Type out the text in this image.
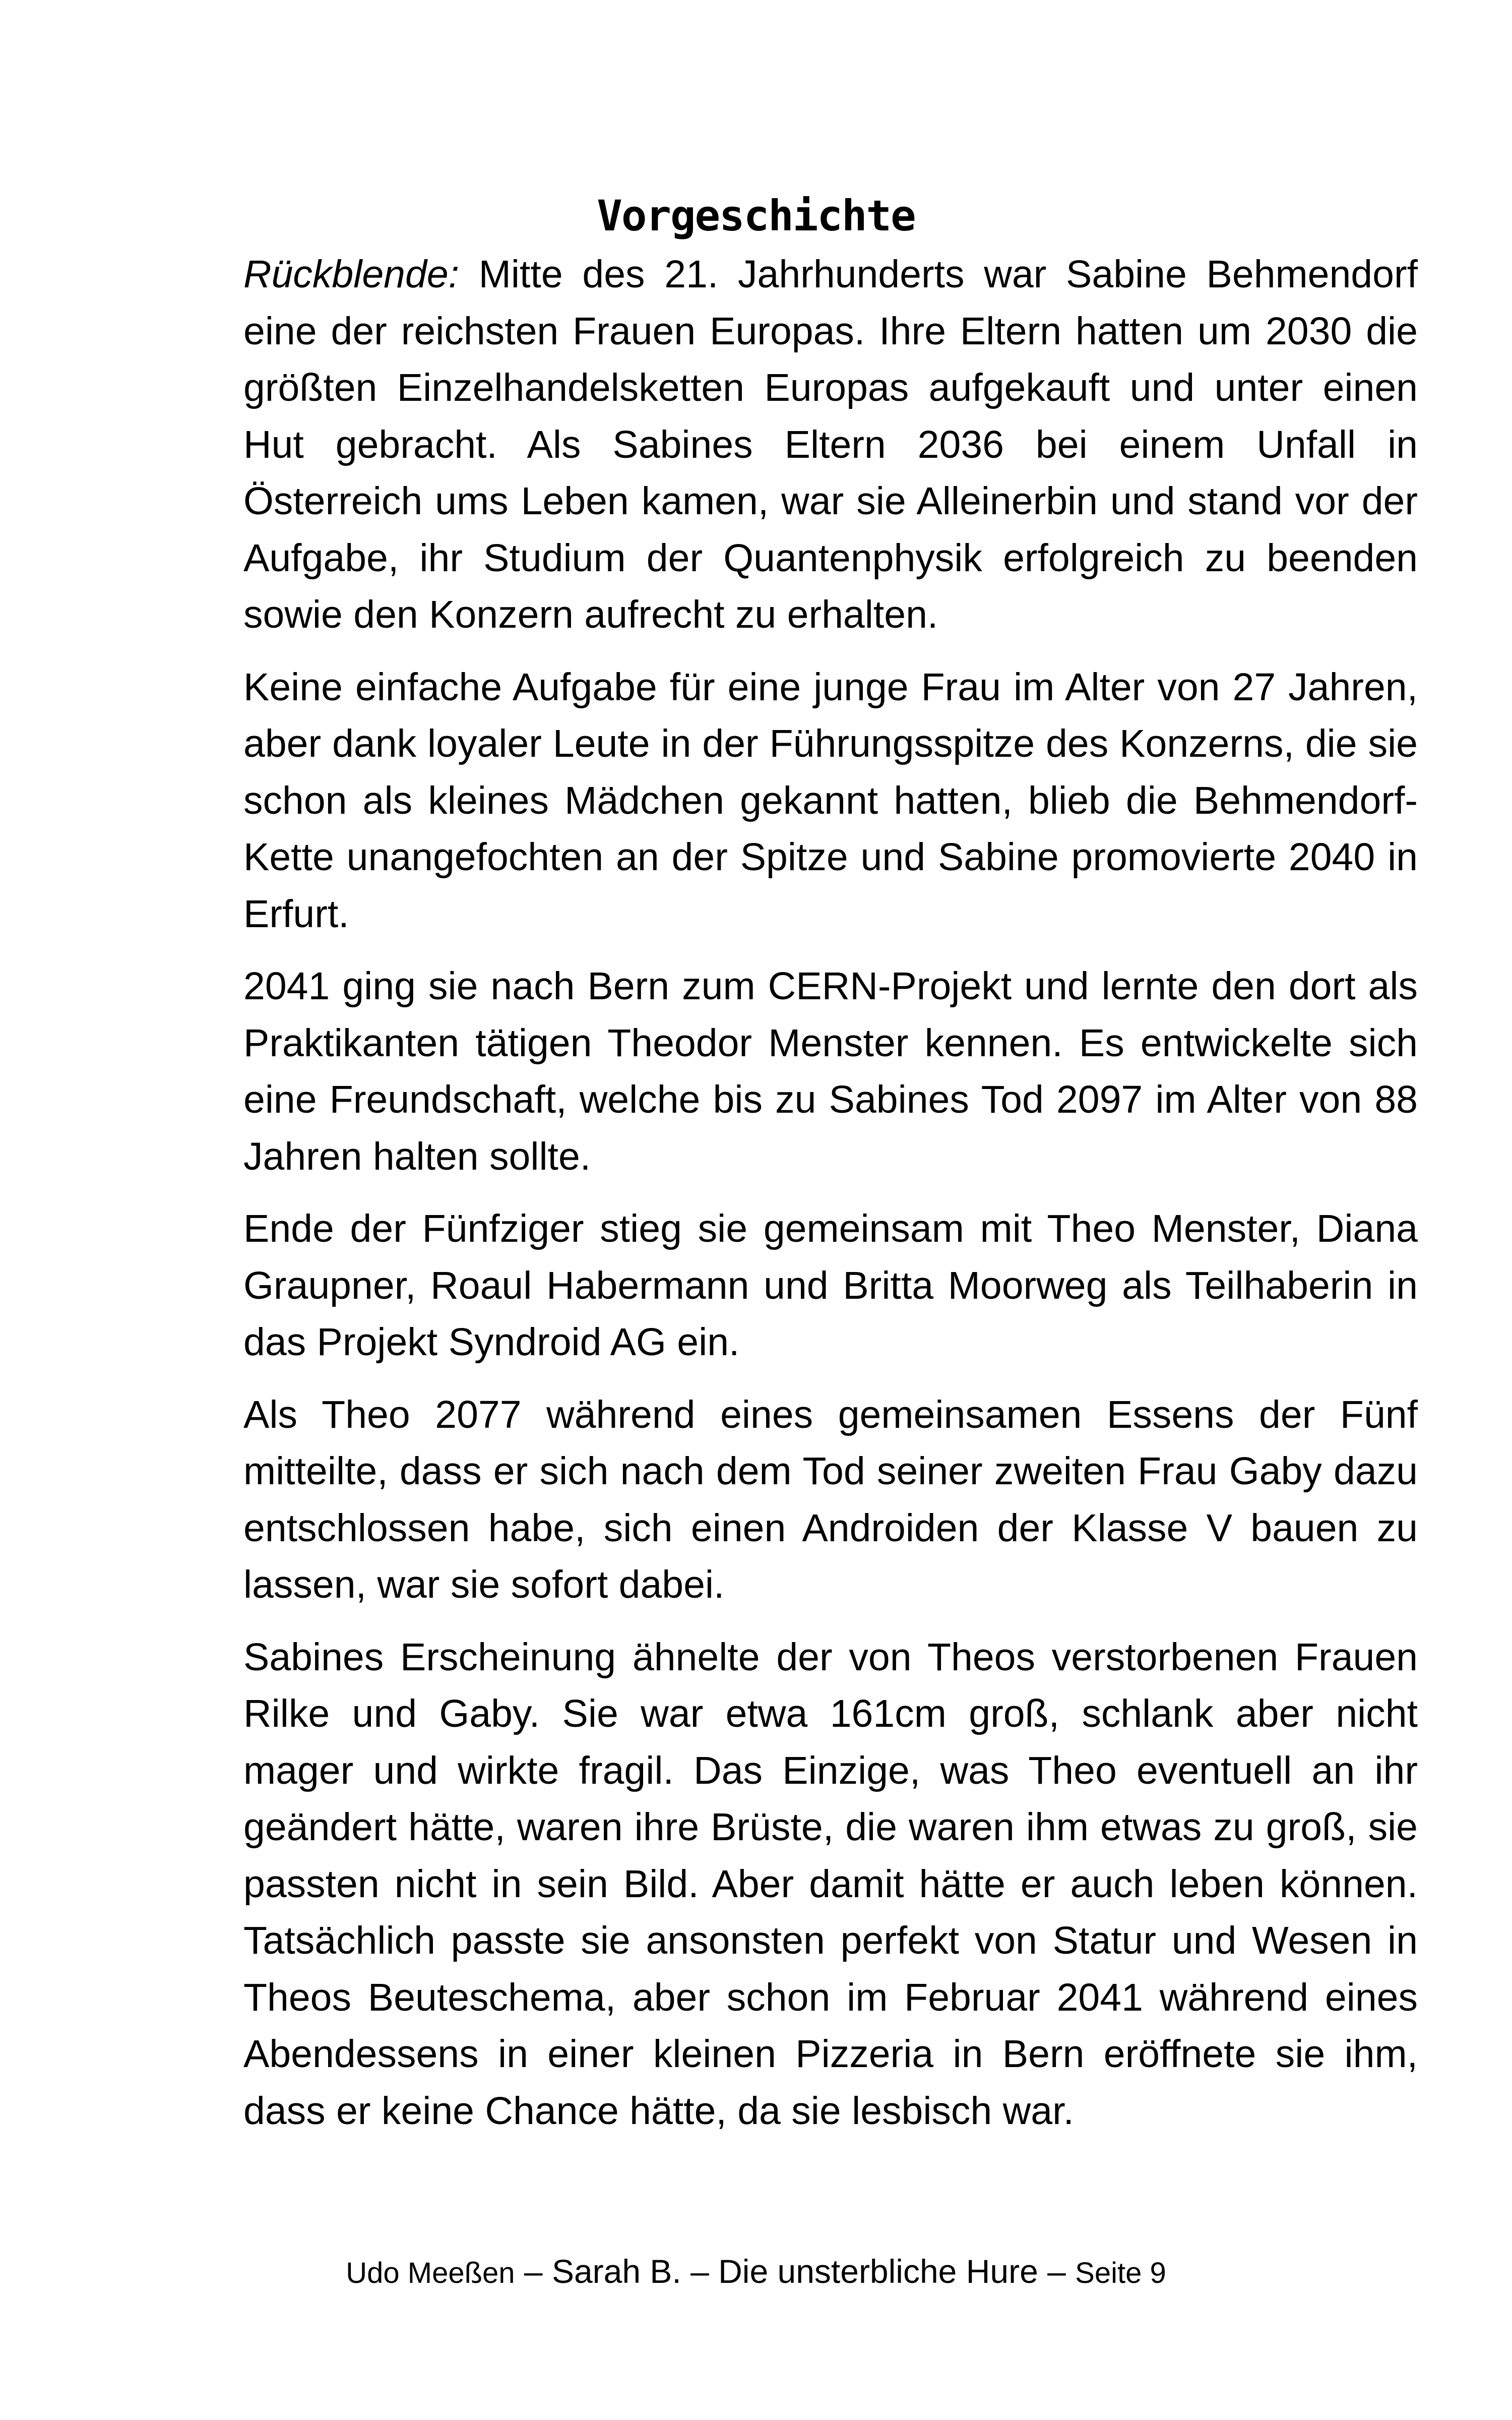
Vorgeschichte

Rückblende: Mitte des 21. Jahrhunderts war Sabine Behmendorf eine der reichsten Frauen Europas. Ihre Eltern hatten um 2030 die größten Einzelhandelsketten Europas aufgekauft und unter einen Hut gebracht. Als Sabines Eltern 2036 bei einem Unfall in Österreich ums Leben kamen, war sie Alleinerbin und stand vor der Aufgabe, ihr Studium der Quantenphysik erfolgreich zu beenden sowie den Konzern aufrecht zu erhalten.

Keine einfache Aufgabe für eine junge Frau im Alter von 27 Jahren, aber dank loyaler Leute in der Führungsspitze des Konzerns, die sie schon als kleines Mädchen gekannt hatten, blieb die Behmendorf-Kette unangefochten an der Spitze und Sabine promovierte 2040 in Erfurt.

2041 ging sie nach Bern zum CERN-Projekt und lernte den dort als Praktikanten tätigen Theodor Menster kennen. Es entwickelte sich eine Freundschaft, welche bis zu Sabines Tod 2097 im Alter von 88 Jahren halten sollte.

Ende der Fünfziger stieg sie gemeinsam mit Theo Menster, Diana Graupner, Roaul Habermann und Britta Moorweg als Teilhaberin in das Projekt Syndroid AG ein.

Als Theo 2077 während eines gemeinsamen Essens der Fünf mitteilte, dass er sich nach dem Tod seiner zweiten Frau Gaby dazu entschlossen habe, sich einen Androiden der Klasse V bauen zu lassen, war sie sofort dabei.

Sabines Erscheinung ähnelte der von Theos verstorbenen Frauen Rilke und Gaby. Sie war etwa 161cm groß, schlank aber nicht mager und wirkte fragil. Das Einzige, was Theo eventuell an ihr geändert hätte, waren ihre Brüste, die waren ihm etwas zu groß, sie passten nicht in sein Bild. Aber damit hätte er auch leben können. Tatsächlich passte sie ansonsten perfekt von Statur und Wesen in Theos Beuteschema, aber schon im Februar 2041 während eines Abendessens in einer kleinen Pizzeria in Bern eröffnete sie ihm, dass er keine Chance hätte, da sie lesbisch war.

Udo Meeßen – Sarah B. – Die unsterbliche Hure – Seite 9
